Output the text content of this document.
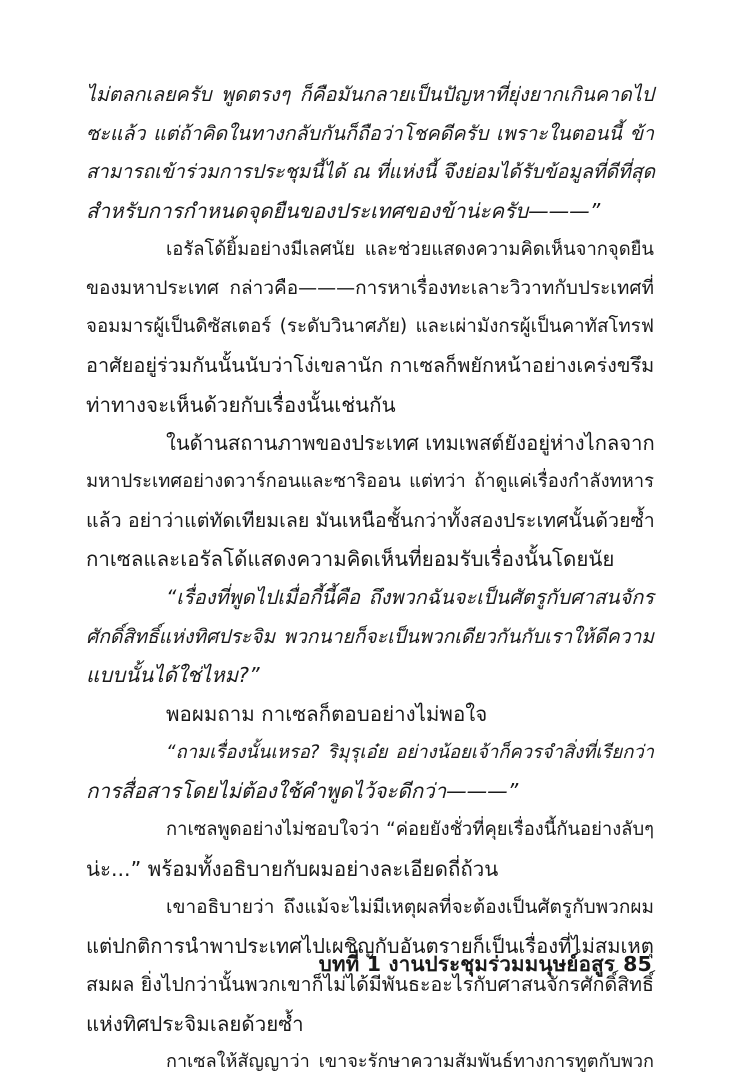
ไม่ตลกเลยครับ พูดตรงๆ ก็คือมันกลายเป็นปัญหาที่ยุ่งยากเกินคาดไป
ซะแล้ว แต่ถ้าคิดในทางกลับกันก็ถือว่าโชคดีครับ เพราะในตอนนี้ ข้า
สามารถเข้าร่วมการประชุมนี้ได้ ณ ที่แห่งนี้ จึงย่อมได้รับข้อมูลที่ดีที่สุด
สำหรับการกำหนดจุดยืนของประเทศของข้าน่ะครับ———”
เอรัลโด้ยิ้มอย่างมีเลศนัย และช่วยแสดงความคิดเห็นจากจุดยืน
ของมหาประเทศ กล่าวคือ———การหาเรื่องทะเลาะวิวาทกับประเทศที่
จอมมารผู้เป็นดิซัสเตอร์ (ระดับวินาศภัย) และเผ่ามังกรผู้เป็นคาทัสโทรฟ
อาศัยอยู่ร่วมกันนั้นนับว่าโง่เขลานัก กาเซลก็พยักหน้าอย่างเคร่งขรึม
ท่าทางจะเห็นด้วยกับเรื่องนั้นเช่นกัน
ในด้านสถานภาพของประเทศ เทมเพสต์ยังอยู่ห่างไกลจาก
มหาประเทศอย่างดวาร์กอนและซาริออน แต่ทว่า ถ้าดูแค่เรื่องกำลังทหาร
แล้ว อย่าว่าแต่ทัดเทียมเลย มันเหนือชั้นกว่าทั้งสองประเทศนั้นด้วยซ้ำ
กาเซลและเอรัลโด้แสดงความคิดเห็นที่ยอมรับเรื่องนั้นโดยนัย
“เรื่องที่พูดไปเมื่อกี้นี้คือ ถึงพวกฉันจะเป็นศัตรูกับศาสนจักร
ศักดิ์สิทธิ์แห่งทิศประจิม พวกนายก็จะเป็นพวกเดียวกันกับเราให้ดีความ
แบบนั้นได้ใช่ไหม?”
พอผมถาม กาเซลก็ตอบอย่างไม่พอใจ
“ถามเรื่องนั้นเหรอ? ริมุรุเอ๋ย อย่างน้อยเจ้าก็ควรจำสิ่งที่เรียกว่า
การสื่อสารโดยไม่ต้องใช้คำพูดไว้จะดีกว่า———”
กาเซลพูดอย่างไม่ชอบใจว่า “ค่อยยังชั่วที่คุยเรื่องนี้กันอย่างลับๆ
น่ะ...” พร้อมทั้งอธิบายกับผมอย่างละเอียดถี่ถ้วน
เขาอธิบายว่า ถึงแม้จะไม่มีเหตุผลที่จะต้องเป็นศัตรูกับพวกผม
แต่ปกติการนำพาประเทศไปเผชิญกับอันตรายก็เป็นเรื่องที่ไม่สมเหตุ
สมผล ยิ่งไปกว่านั้นพวกเขาก็ไม่ได้มีพันธะอะไรกับศาสนจักรศักดิ์สิทธิ์
แห่งทิศประจิมเลยด้วยซ้ำ
กาเซลให้สัญญาว่า เขาจะรักษาความสัมพันธ์ทางการทูตกับพวก
บทที่ 1 งานประชุมร่วมมนุษย์อสูร 85
